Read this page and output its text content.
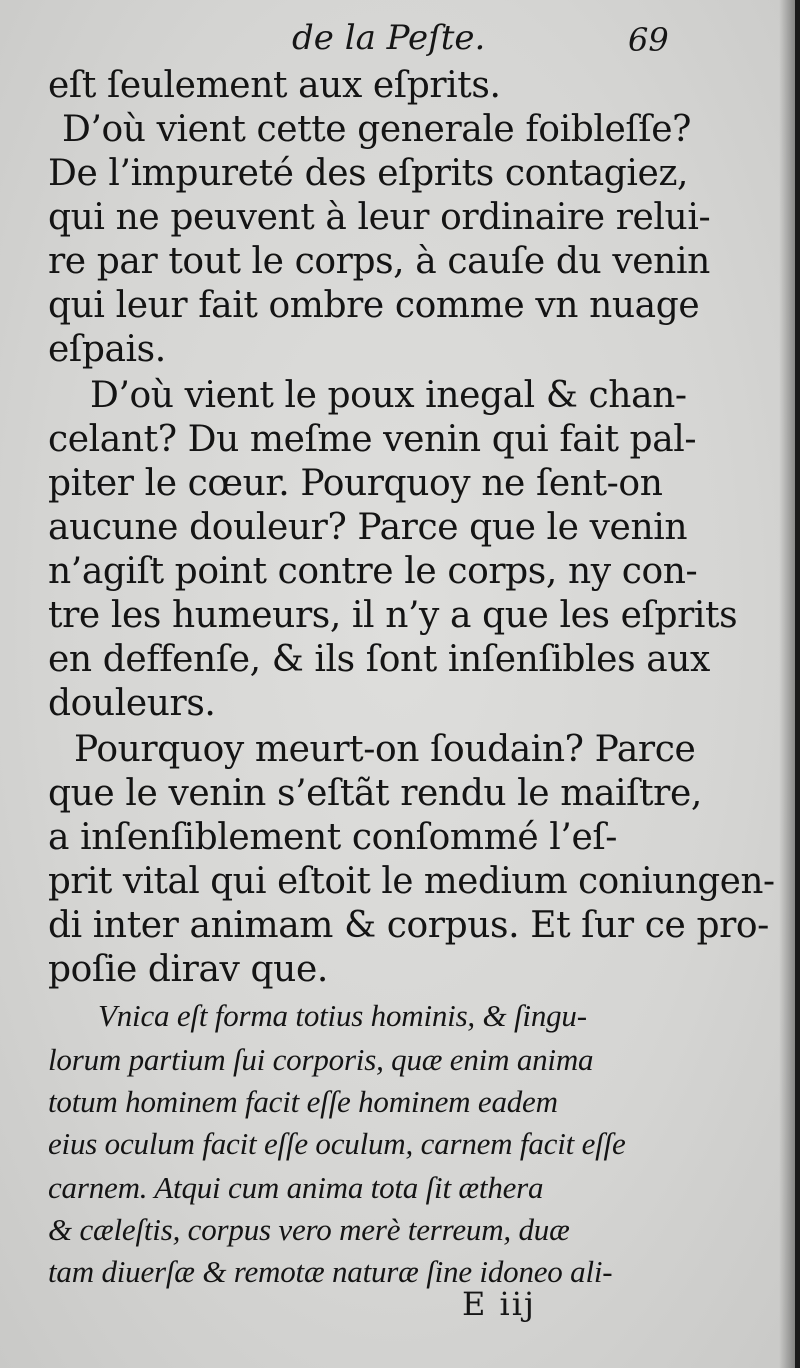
de la Peſte.	69
eſt ſeulement aux eſprits.
D’où vient cette generale foibleſſe?
De l’impureté des eſprits contagiez,
qui ne peuvent à leur ordinaire relui-
re par tout le corps, à cauſe du venin
qui leur fait ombre comme vn nuage
eſpais.
D’où vient le poux inegal & chan-
celant? Du meſme venin qui fait pal-
piter le cœur. Pourquoy ne ſent-on
aucune douleur? Parce que le venin
n’agiſt point contre le corps, ny con-
tre les humeurs, il n’y a que les eſprits
en deffenſe, & ils ſont inſenſibles aux
douleurs.
Pourquoy meurt-on ſoudain? Parce
que le venin s’eſtãt rendu le maiſtre,
a inſenſiblement conſommé l’eſ-
prit vital qui eſtoit le medium coniungen-
di inter animam & corpus. Et ſur ce pro-
poſie dirav que.
Vnica eſt forma totius hominis, & ſingu-
lorum partium ſui corporis, quæ enim anima
totum hominem facit eſſe hominem eadem
eius oculum facit eſſe oculum, carnem facit eſſe
carnem. Atqui cum anima tota ſit æthera
& cæleſtis, corpus vero merè terreum, duæ
tam diuerſæ & remotæ naturæ ſine idoneo ali-
E iij
